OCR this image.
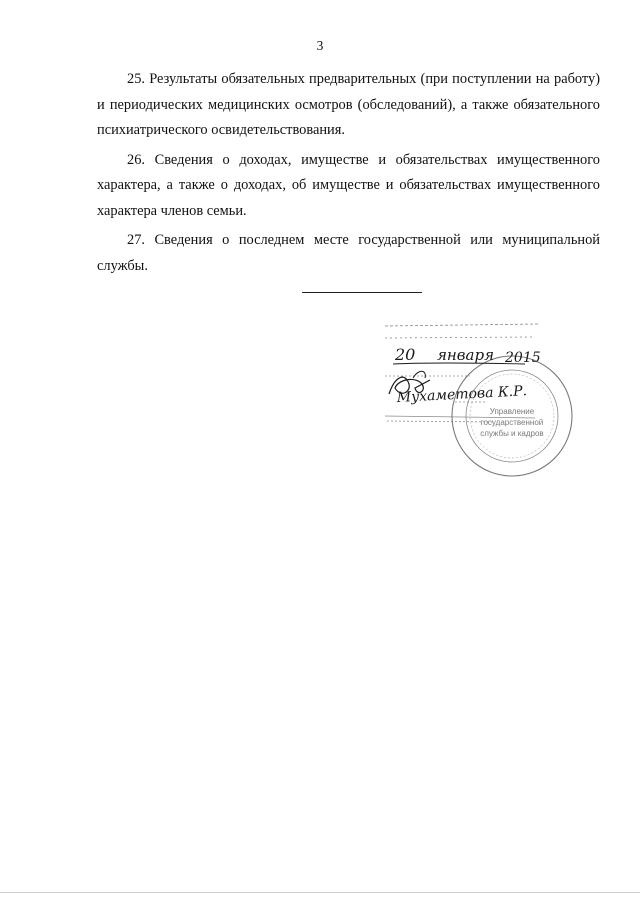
3

25. Результаты обязательных предварительных (при поступлении на работу) и периодических медицинских осмотров (обследований), а также обязательного психиатрического освидетельствования.

26. Сведения о доходах, имуществе и обязательствах имущественного характера, а также о доходах, об имуществе и обязательствах имущественного характера членов семьи.

27. Сведения о последнем месте государственной или муниципальной службы.

Управление
государственной
службы и кадров
20 января 2015
Мухаметова К.Р.
